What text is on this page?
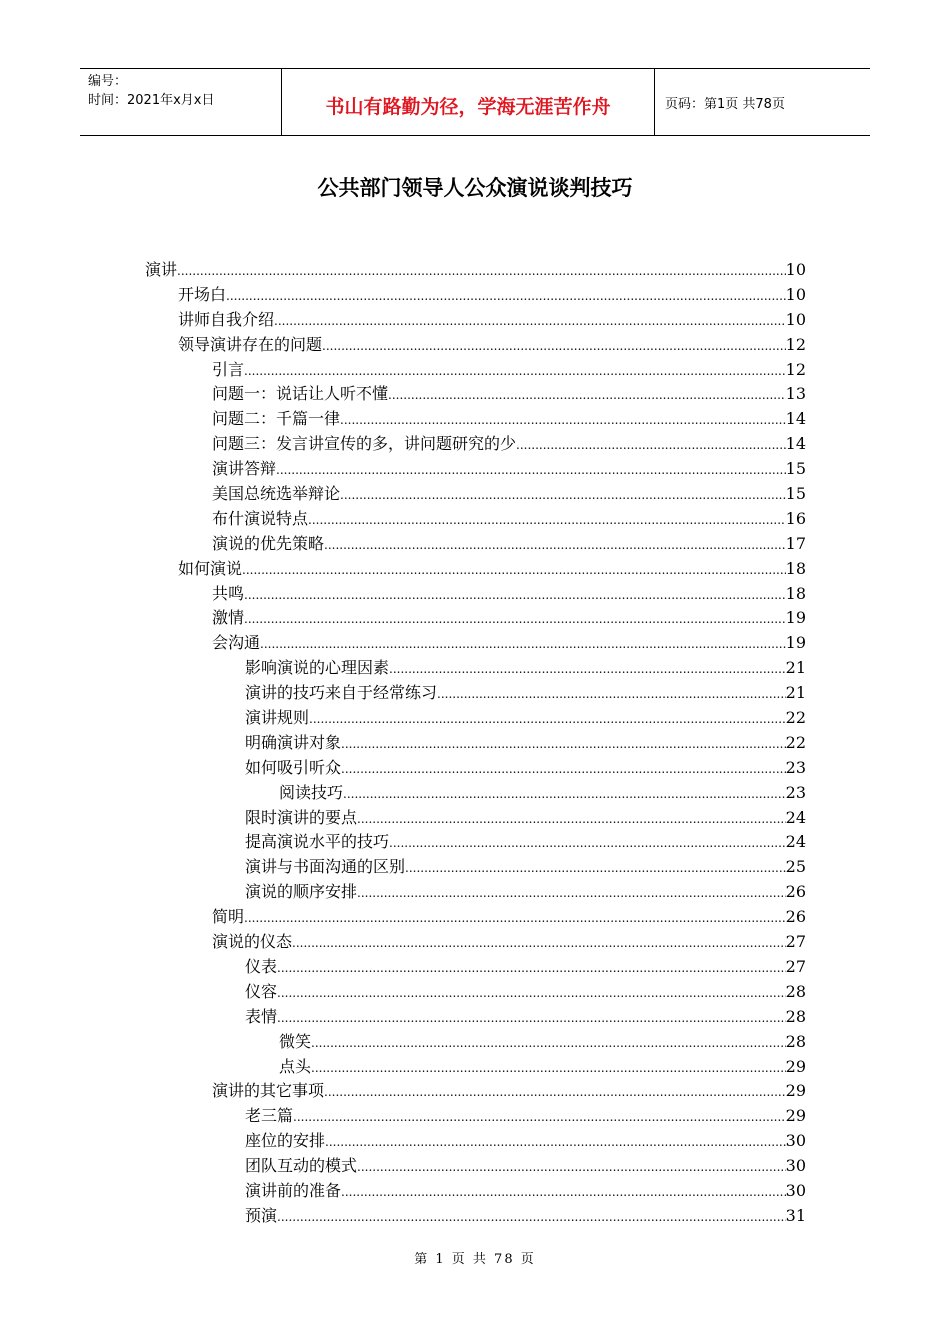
编号：
时间：2021年x月x日	书山有路勤为径，学海无涯苦作舟	页码：第1页 共78页
公共部门领导人公众演说谈判技巧
演讲 .....	10
开场白 .....	10
讲师自我介绍 .....	10
领导演讲存在的问题 .....	12
引言 .....	12
问题一：说话让人听不懂 .....	13
问题二：千篇一律 .....	14
问题三：发言讲宣传的多，讲问题研究的少 .....	14
演讲答辩 .....	15
美国总统选举辩论 .....	15
布什演说特点 .....	16
演说的优先策略 .....	17
如何演说 .....	18
共鸣 .....	18
激情 .....	19
会沟通 .....	19
影响演说的心理因素 .....	21
演讲的技巧来自于经常练习 .....	21
演讲规则 .....	22
明确演讲对象 .....	22
如何吸引听众 .....	23
阅读技巧 .....	23
限时演讲的要点 .....	24
提高演说水平的技巧 .....	24
演讲与书面沟通的区别 .....	25
演说的顺序安排 .....	26
简明 .....	26
演说的仪态 .....	27
仪表 .....	27
仪容 .....	28
表情 .....	28
微笑 .....	28
点头 .....	29
演讲的其它事项 .....	29
老三篇 .....	29
座位的安排 .....	30
团队互动的模式 .....	30
演讲前的准备 .....	30
预演 .....	31
第 1 页 共 78 页
